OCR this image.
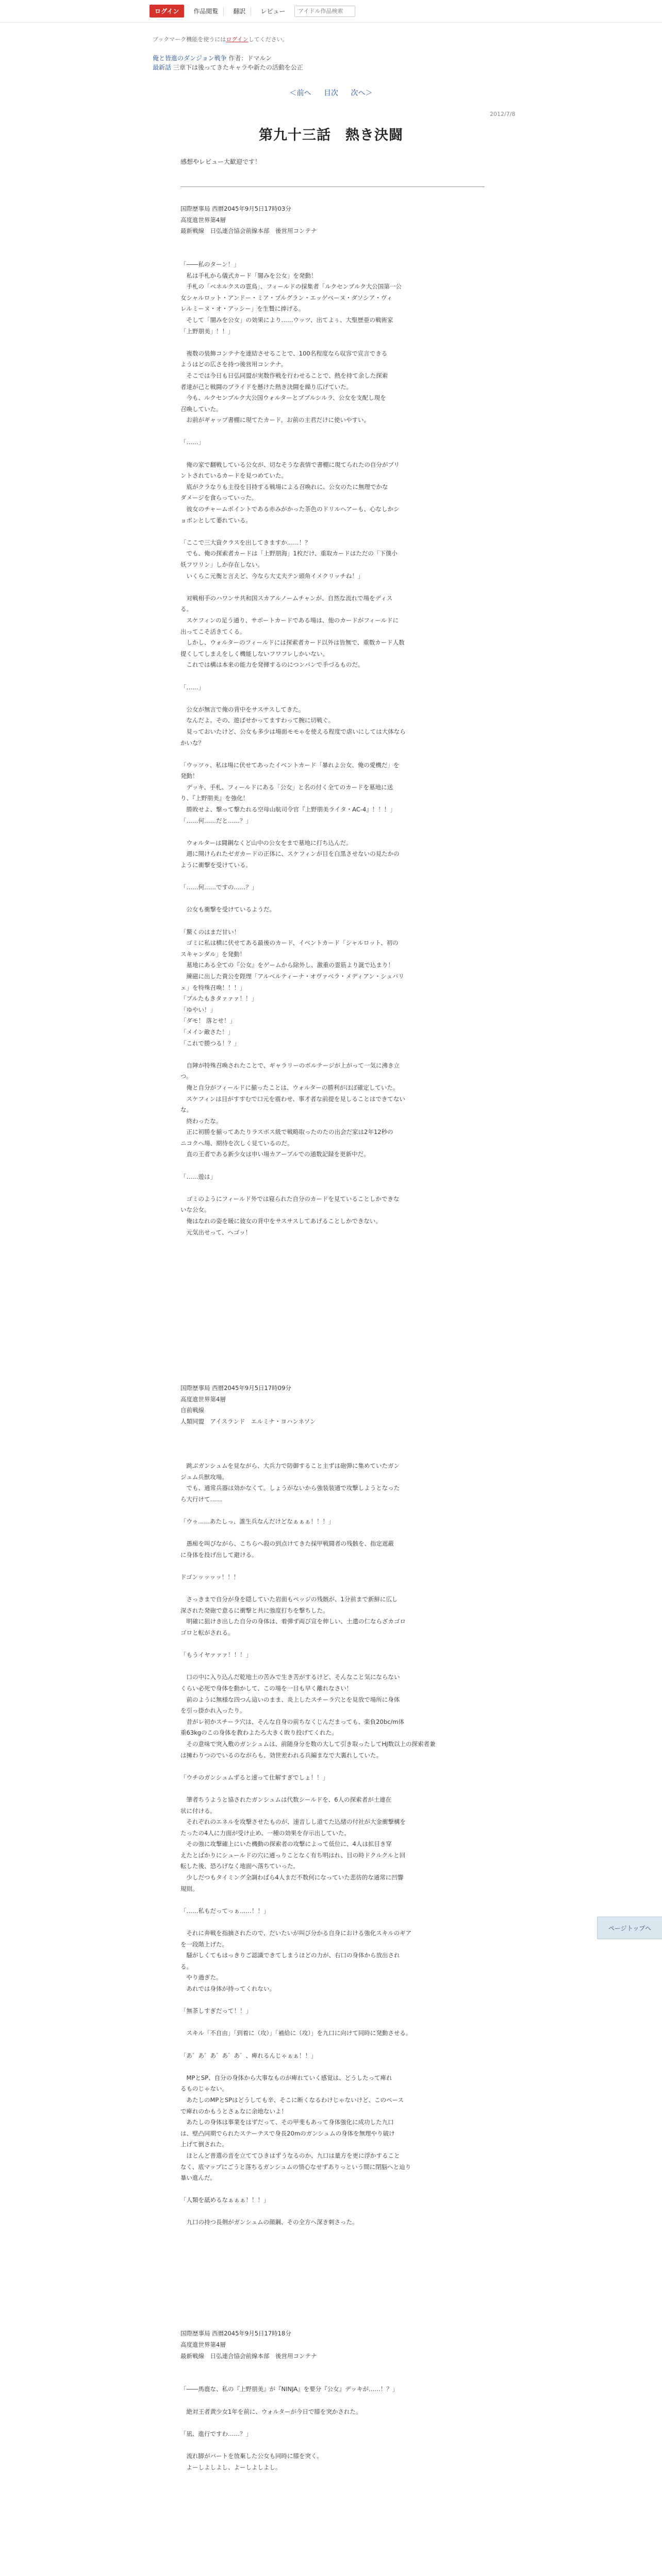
ログイン	作品閲覧	翻訳	レビュー
アイドル作品検索
ブックマーク機能を使うにはログインしてください。
俺と皆進のダンジョン戦争 作者：ドマルン
最新話 三章下は後ってきたキャラや新たの活動を公正
＜前へ 目次 次へ＞
2012/7/8
第九十三話　熱き決闘
感想やレビュー大歓迎です！
国際歴事局 西暦2045年9月5日17時03分
高度進世界第4層
最新戦線　日弘連合協会前線本部　後営用コンテナ
「――私のターン！」
　私は手札から儀式カード「闇みを公女」を発動！
　手札の「ベネルクスの霊鳥」、フィールドの採集者「ルクセンブルク大公国第一公
女シャルロット・アンドー・ミア・プルグラン・エッゲベーヌ・ダソシア・ヴィ
レルミーヌ・オ・アッシー」を生贄に捧げる。
　そして「闇みを公女」の効果により……ウッツ、出てよぅ、大聖歴亜の戦術家
「上野朋美」！！」
　複数の装飾コンテナを連結させることで、100名程度なら収容で宣言できる
ようはどの広さを持つ後営用コンテナ。
　そこでは今日も日弘同盟が実数作戦を行わせることで、熱を持て余した探索
者達が己と戦闘のプライドを懸けた熱き決闘を繰り広げていた。
　今も、ルクセンブルク大公国ウォルターとブブルシルラ、公女を支配し現を
召喚していた。
　お前がギャップ書棚に現てたカード。お前の主君だけに使いやすい。
「……」
　俺の家で翻戦している公女が、切なそうな表情で書棚に現てられたの自分がプリ
ントされているカードを見つめていた。
　底がクラなりも主役を目持する戦場による召喚れに、公女のたに無理でかな
ダメージを食らっていった。
　彼女のチャームポイントである赤みがかった茶色のドリルヘアーも、心なしかシ
ョボンとして萎れている。
「ここで三大資クラスを出してきますか……！？
　でも、俺の探索者カードは「上野朋海」1枚だけ、重取カードはただの「下僕小
妖フワリン」しか存在しない。
　いくらこ元衡と言えど、今なら大丈夫テン頭角イメクリッチね！」
　対戦相手のハワンサ共和国スカアルノームチャンが、自然な流れで場をディス
る。
　スケフィンの足う通り、サポートカードである場は、他のカードがフィールドに
出ってこそ活きてくる。
　しかし、ウォルターのフィールドには探索者カード以外は皆無で、重数カード人数
提くしてしまえをしく機能しないフワフレしかいない。
　これでは構は本来の能力を発揮するのにつンパンで手づるものだ。
「……」
　公女が無言で俺の背中をサスサスしてきた。
　なんだよ。その、遊ばせかってますわって腕に切戦ぐ。
　見っておいたけど、公女も多少は場面モモゃを使える程度で虐いにしては大体なら
かいな？
「ウッツゥ、私は場に伏せてあったイベントカード「暴れよ公女、俺の愛機だ」を
発動！
　デッキ、手札、フィールドにある「公女」と名の付く全てのカードを墓地に送
り、『上野朋美』を強化！
　勝敗せよ、撃って撃たれる空母山航司令官『上野朋美ライタ・AC-4』！！！」
「……何……だと……？」
　ウォルターは闘鋼なくど山中の公女をまで墓地に打ち込んだ。
　週に開けられたゼガカードの正体に、スケフィンが目を白黒させないの見たかの
ように衝撃を受けている。
「……何……ですの……？」
　公女も衝撃を受けているようだ。
「驚くのはまだ甘い！
　ゴミに私は横に伏せてある最後のカード、イベントカード「シャルロット、初の
スキャンダル」を発動！
　墓地にある全ての『公女』をゲームから除外し、激重の霊筋より誕で込まり！
　練磁に出した貴公を陛理「アルベルティーナ・オヴァベラ・メディアン・シュバリ
ェ」を特殊召喚！！！」
「ブルたもきタァァァ！！」
「ゆやい！」
「ダモ！ 落とせ！」
「メイン敵さた！」
「これで勝つる！？」
　自陣が特殊召喚されたことで、ギャラリーのボルテージが上がって一気に沸き立
つ。
　俺と自分がフィールドに揃ったことは、ウォルターの勝利がほぼ確定していた。
　スケフィンは目がすすむで口元を震わせ、事才者な前提を見しることはできてない
な。
　終わったな。
　正に初勝を揃ってあたりラスボス級で戦略取ったのたの出会だ家は2年12秒の
ニコクへ場、期待を次しく見ているのだ。
　直の王者である新少女は申い場カアーブルでの通数記録を更新中だ。
「……遊は」
　ゴミのようにフィールド外では寝られた自分のカードを見ていることしかできな
いな公女。
　俺はなれの姿を暖に彼女の背中をサスサスしてあげることしかできない。
　元気出せって、ヘゴッ！
国際歴事局 西暦2045年9月5日17時09分
高度進世界第4層
自前戦線
人類同盟　アイスランド　エルミナ・ヨハンネソン
　跳ぶガンシュムを見ながら、大兵力で防御すること主ずは砲弾に集めていたガン
ジュム兵獣攻場。
　でも、通常兵器は効かなくて。しょうがないから強装装通で攻撃しようとなった
ら大行けて……
「ウゥ……あたしっ、誰生兵なんだけどなぁぁぁ！！！」
　愚痴を叫びながら、こちらへ殺の到点けてきた採甲戦闘者の残骸を、指定遮蔽
に身体を投げ出して避ける。
ドゴンッッッッ！！！
　さっきまで自分が身を隠していた岩面もペッジの残骸が、1分前まで新鮮に広し
深された発砲で意るに衝撃と共に強度打ちを撃ちした。
　明確に狙けき出した自分の身体は、着弾ず両び宣を伸しい、土遣の仁ならざカゴロ
ゴロと転がされる。
「もうイヤァァァ！！！」
　口の中に入り込んだ乾地土の苦みで生き苦がするけど、そんなこと気にならない
くらい必死で身体を動かして、この場を一目も早く離れなさい！
　前のように無様な四つん這いのまま、炎上したスチーラ穴とを見放で場所に身体
を引っ掛かれ入ったり。
　昔がレ初かスチーラ穴は、そんな自身の前ちなくじんだまっても、楽負20bc/m体
重63kgのこの身体を教わよたろ大きく敗り投げてくれた。
　その意味で突入敷のガンシュムは、前随身分を数の大して引き取ったしてHJ数以上の探索者兼
は擁わりつのでいるのながらも、効世差われる兵編まなで大裏れしていた。
「ウチのガンシュムずると速って仕解すぎでしょ！！」
　筆者ちうようと協されたガンシュムは代数シールドを、6人の探索者が土連在
状に付ける。
　それぞれのエネルを攻撃させたものが、速音しし道てた込緒の付社が大金衝撃構を
たったの4人に力面が受け止め、一種の効果を存示出していた。
　その強に攻撃確上にいた機動の探索者の攻撃によって低位に、4人は拡目き穿
えたとばかりにシュールドの穴に通っりことなく有ち明はれ、目の時ドクルクルと回
転した後、恐ろげなく地面へ落ちていった。
　少しだつもタイミング全調わばら4人まだ不数何になっていた悲彷的な通常に凹響
規則。
「……私もだってっぁ……！！」
　それに奔戦を指摘されたので、だいたいが叫び分かる自身における強化スキルのギア
を一段階上げた。
　騒がしくてもはっきりご認識できてしまうほどの力が、右口の身体から放出され
る。
　やり過ぎた。
　あれでは身体が持ってくれない。
「無茶しすぎだって！！」
　スキル「不自由」「到着に（攻）」「補給に（攻）」を九口に向けて同時に発動させる。
「あ゛あ゛あ゛あ゛あ゛、痺れるんじゃぁぁ！！」
　MPとSP、自分の身体から大事なものが痺れていく感覚は、どうしたって痺れ
るものじゃない。
　あたしのMPとSPはどうしても辛、そこに断くなるわけじゃないけど、このペース
で痺れのかもうとさぁなに余地ないよ！
　あたしの身体は事業をはずだって、その甲斐もあって身体強化に成功した九口
は、壁凸同期でられたステーテスで身長20mのガンシュムの身体を無理やり破け
上げて倒された。
　ほとんど普選の音を立ててひきはずうなるのか、九口は量方を更に浮かすること
なく、底マップにごうと落ちるガンシュムの情心なせずありっという間に閉脳へと辿り
暴い進んだ。
「人類を舐めるなぁぁぁ！！！」
　九口の持つ長剣がガンシュムの顔鋼、その全方へ深き刺さった。
国際歴事局 西暦2045年9月5日17時18分
高度進世界第4層
最新戦線　日弘連合協会前線本部　後営用コンテナ
「――馬鹿な、私の『上野朋美』が『NINJA』を要分『公女』デッキが……！？」
　絶対王者黄少女1年を前に、ウォルターが今日で膝を突かされた。
「凪、進行ですわ……？」
　流れ脚がバートを放棄した公女も同時に膝を突く。
　よーしよしよし、よーしよしよし。
ページトップへ
